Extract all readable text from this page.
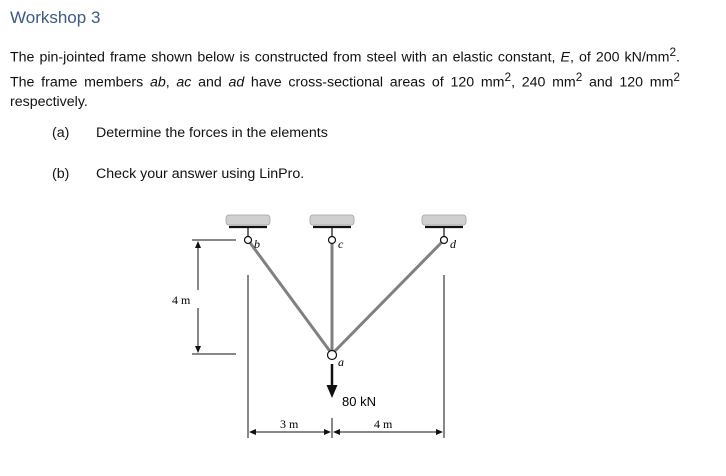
Workshop 3

The pin-jointed frame shown below is constructed from steel with an elastic constant, E, of 200 $kN/mm^2$. The frame members ab, ac and ad have cross-sectional areas of 120 $mm^2$, 240 $mm^2$ and 120 $mm^2$ respectively.

(a) Determine the forces in the elements
(b) Check your answer using LinPro.
b	c	d
a
80 kN
4 m
3 m	4 m
